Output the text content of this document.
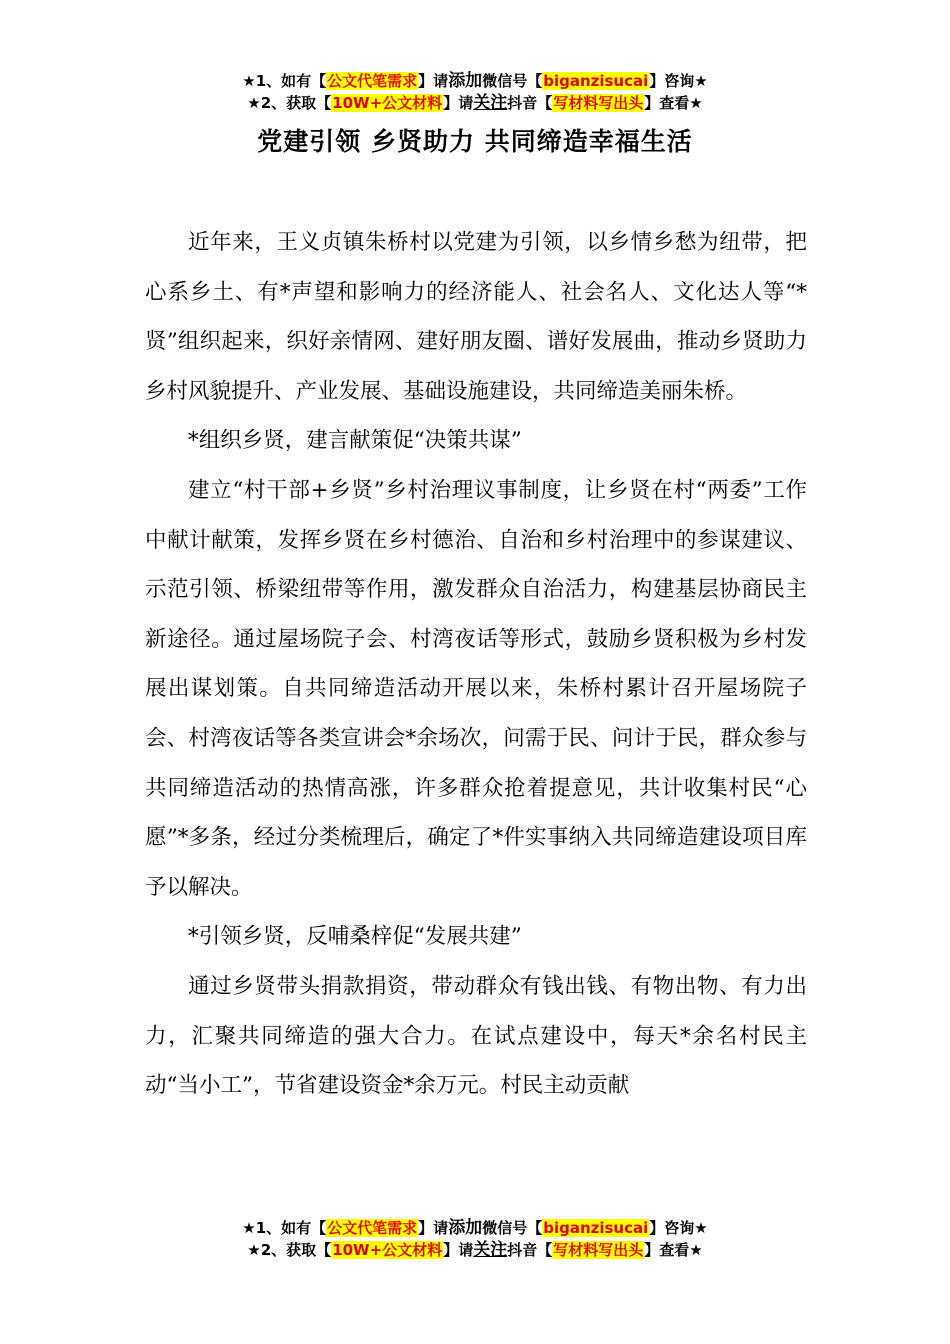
★1、如有【公文代笔需求】请添加微信号【biganzisucai】咨询★
★2、获取【10W+公文材料】请关注抖音【写材料写出头】查看★
党建引领 乡贤助力 共同缔造幸福生活

近年来，王义贞镇朱桥村以党建为引领，以乡情乡愁为纽带，把心系乡土、有*声望和影响力的经济能人、社会名人、文化达人等“*贤”组织起来，织好亲情网、建好朋友圈、谱好发展曲，推动乡贤助力乡村风貌提升、产业发展、基础设施建设，共同缔造美丽朱桥。

*组织乡贤，建言献策促“决策共谋”

建立“村干部+乡贤”乡村治理议事制度，让乡贤在村“两委”工作中献计献策，发挥乡贤在乡村德治、自治和乡村治理中的参谋建议、示范引领、桥梁纽带等作用，激发群众自治活力，构建基层协商民主新途径。通过屋场院子会、村湾夜话等形式，鼓励乡贤积极为乡村发展出谋划策。自共同缔造活动开展以来，朱桥村累计召开屋场院子会、村湾夜话等各类宣讲会*余场次，问需于民、问计于民，群众参与共同缔造活动的热情高涨，许多群众抢着提意见，共计收集村民“心愿”*多条，经过分类梳理后，确定了*件实事纳入共同缔造建设项目库予以解决。

*引领乡贤，反哺桑梓促“发展共建”

通过乡贤带头捐款捐资，带动群众有钱出钱、有物出物、有力出力，汇聚共同缔造的强大合力。在试点建设中，每天*余名村民主动“当小工”，节省建设资金*余万元。村民主动贡献

★1、如有【公文代笔需求】请添加微信号【biganzisucai】咨询★
★2、获取【10W+公文材料】请关注抖音【写材料写出头】查看★
